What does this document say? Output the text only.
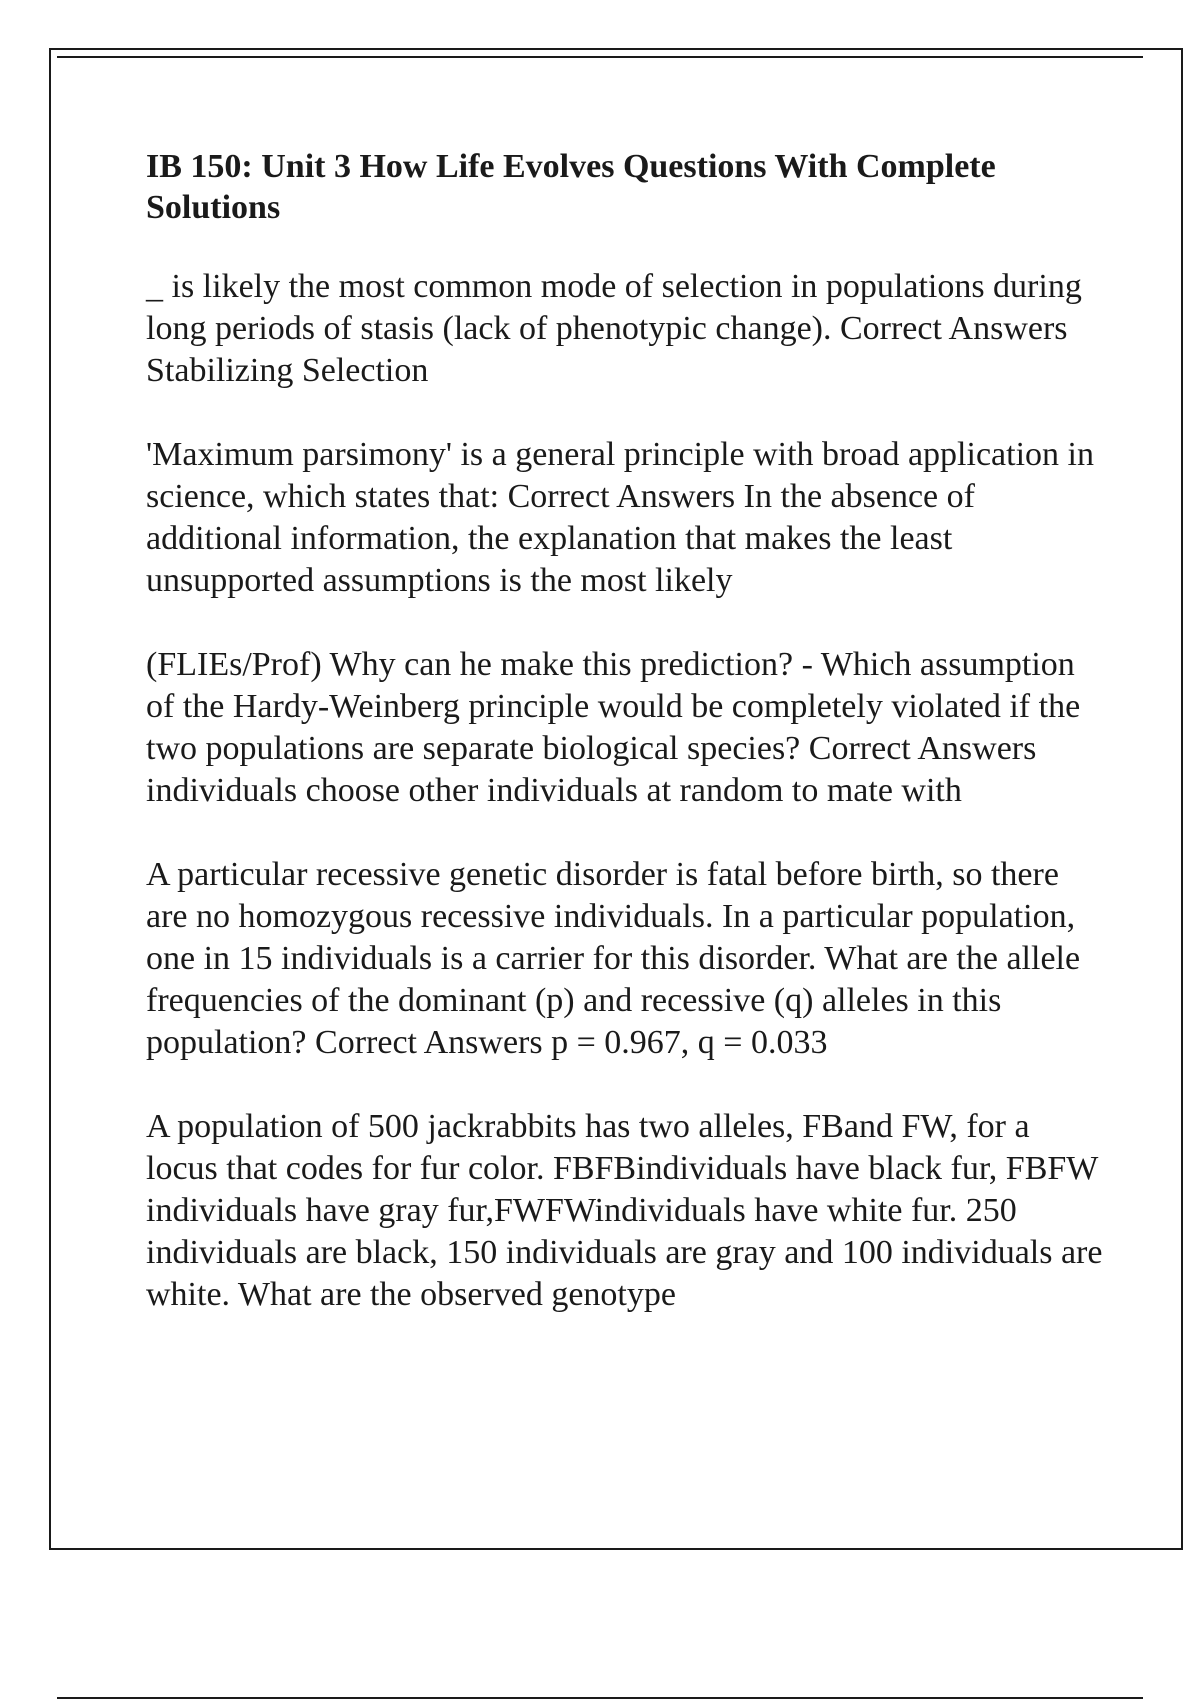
IB 150: Unit 3 How Life Evolves Questions With Complete Solutions

_ is likely the most common mode of selection in populations during long periods of stasis (lack of phenotypic change). Correct Answers Stabilizing Selection

'Maximum parsimony' is a general principle with broad application in science, which states that: Correct Answers In the absence of additional information, the explanation that makes the least unsupported assumptions is the most likely

(FLIEs/Prof) Why can he make this prediction? - Which assumption of the Hardy-Weinberg principle would be completely violated if the two populations are separate biological species? Correct Answers individuals choose other individuals at random to mate with

A particular recessive genetic disorder is fatal before birth, so there are no homozygous recessive individuals. In a particular population, one in 15 individuals is a carrier for this disorder. What are the allele frequencies of the dominant (p) and recessive (q) alleles in this population? Correct Answers p = 0.967, q = 0.033

A population of 500 jackrabbits has two alleles, FBand FW, for a locus that codes for fur color. FBFBindividuals have black fur, FBFW individuals have gray fur,FWFWindividuals have white fur. 250 individuals are black, 150 individuals are gray and 100 individuals are white. What are the observed genotype
